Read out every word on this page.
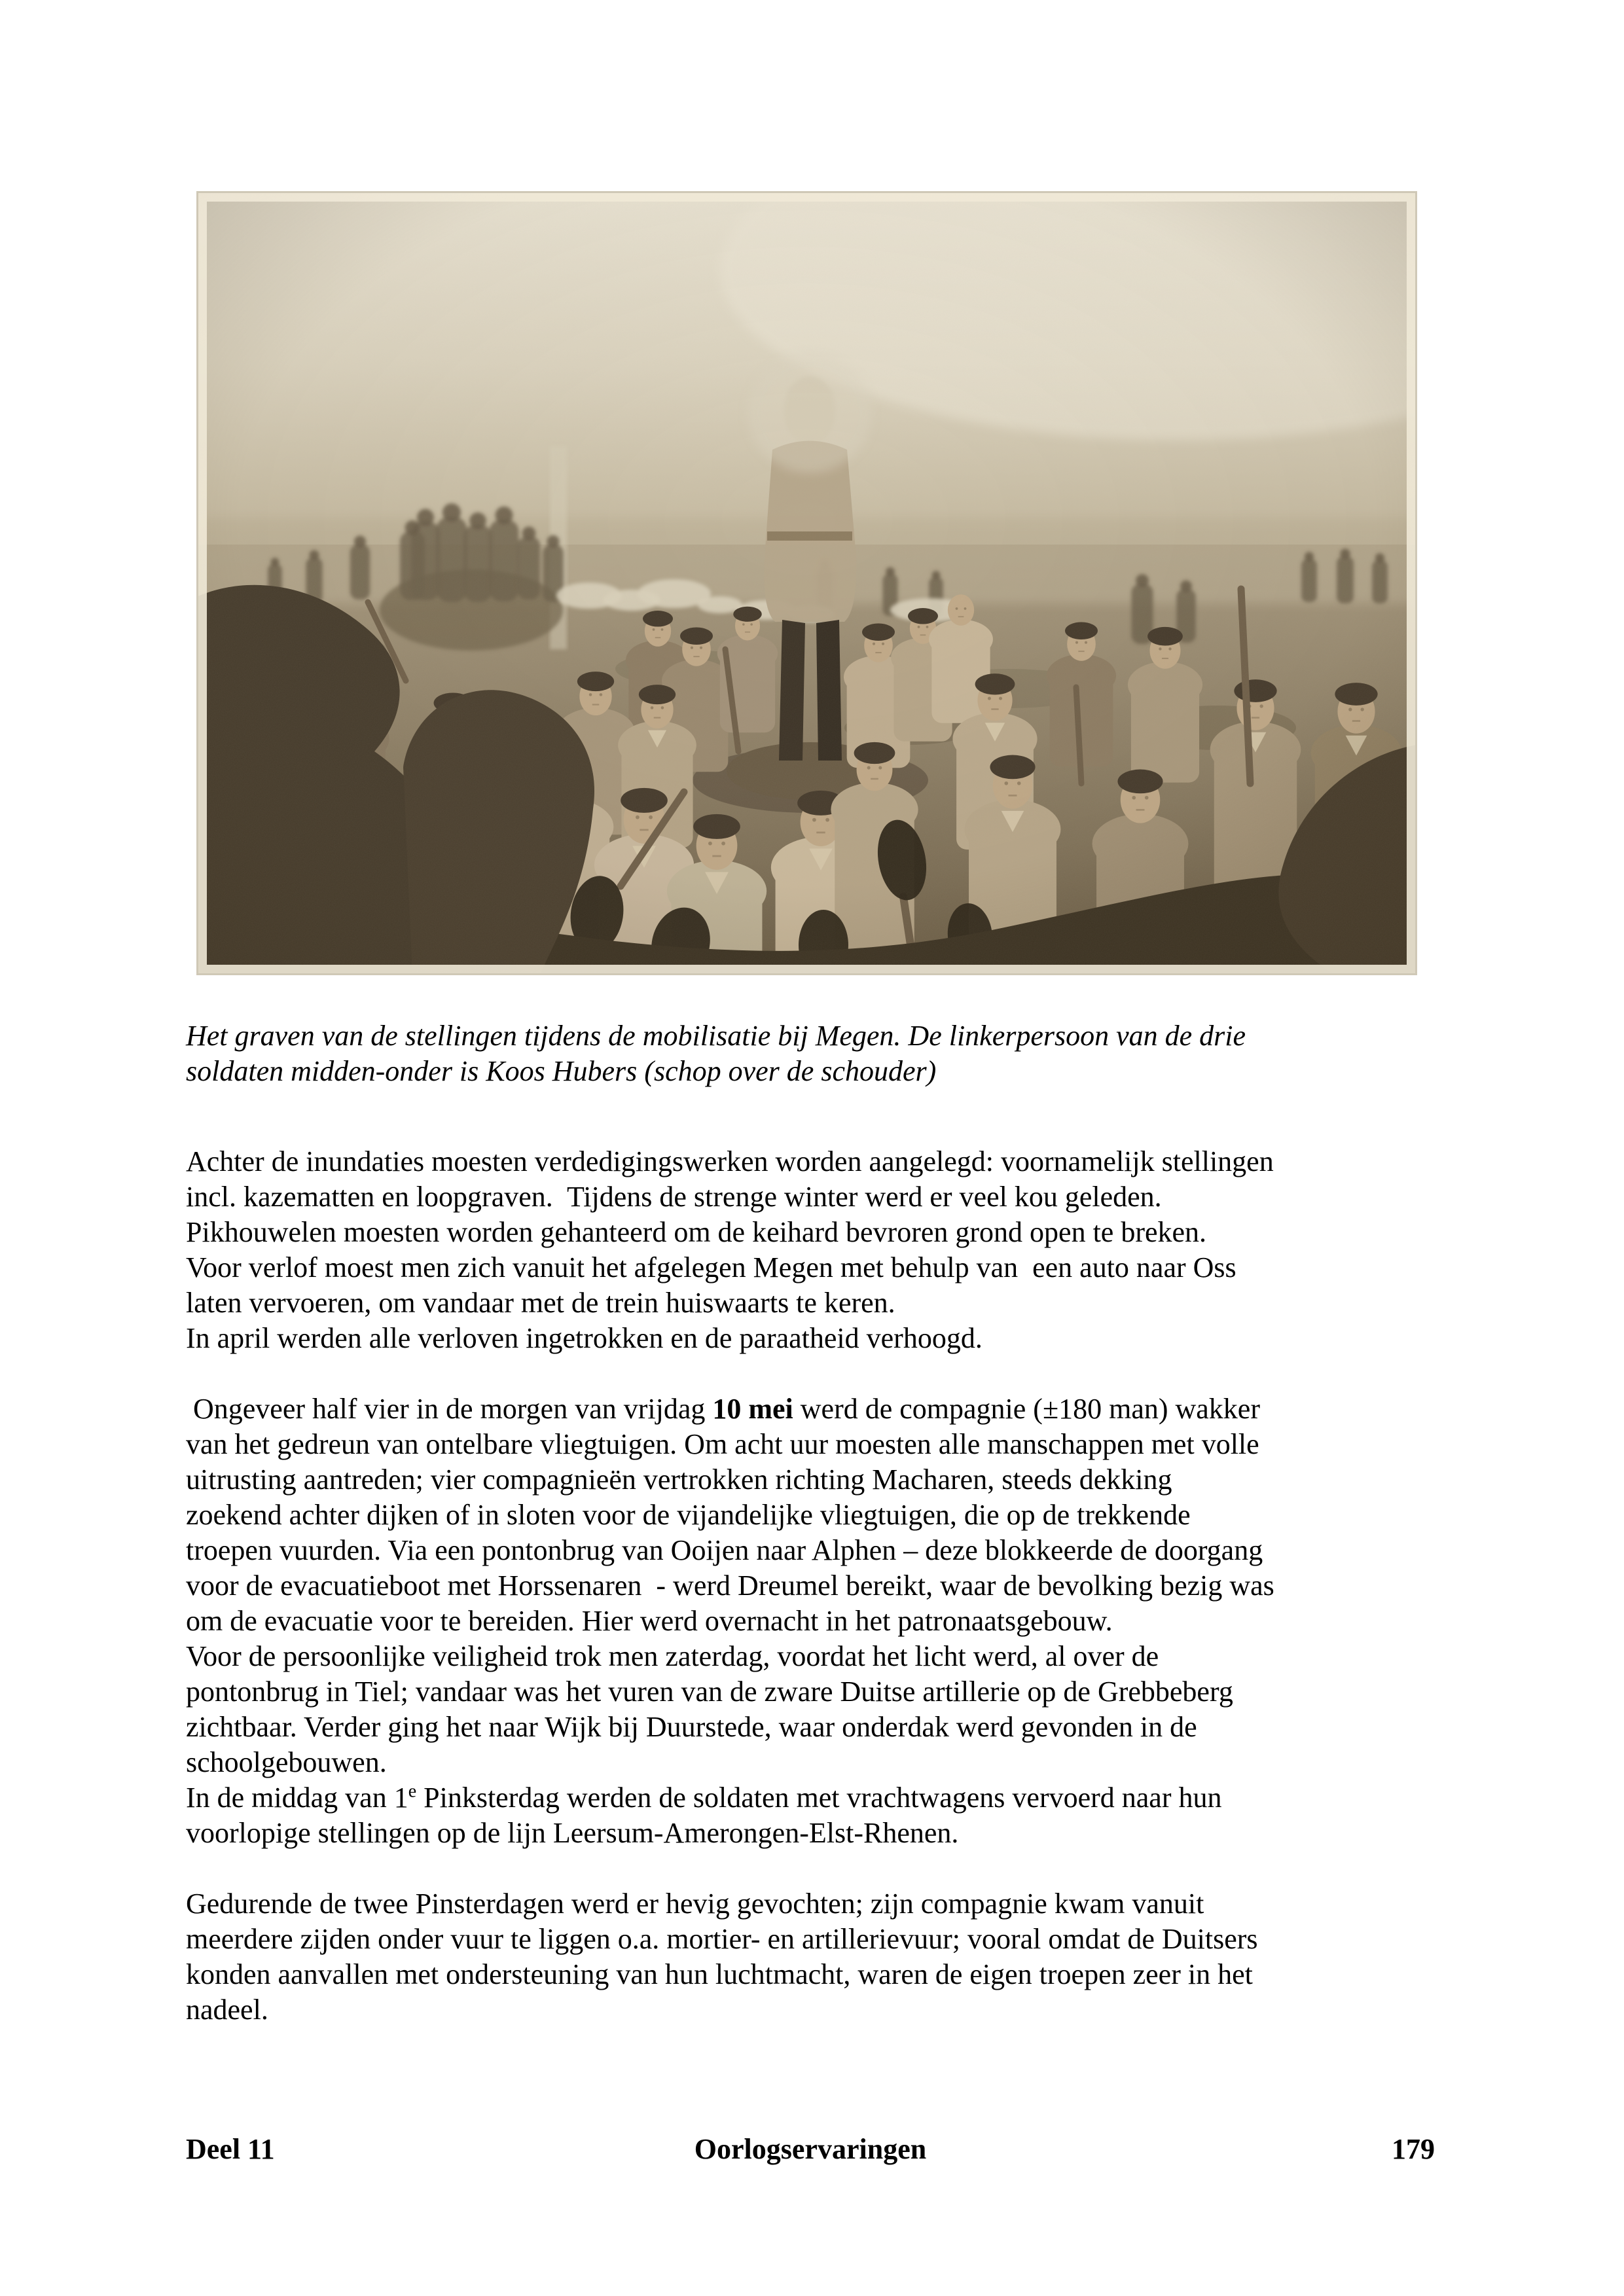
Het graven van de stellingen tijdens de mobilisatie bij Megen. De linkerpersoon van de drie
soldaten midden-onder is Koos Hubers (schop over de schouder)
Achter de inundaties moesten verdedigingswerken worden aangelegd: voornamelijk stellingen
incl. kazematten en loopgraven.  Tijdens de strenge winter werd er veel kou geleden.
Pikhouwelen moesten worden gehanteerd om de keihard bevroren grond open te breken.
Voor verlof moest men zich vanuit het afgelegen Megen met behulp van  een auto naar Oss
laten vervoeren, om vandaar met de trein huiswaarts te keren.
In april werden alle verloven ingetrokken en de paraatheid verhoogd.
Ongeveer half vier in de morgen van vrijdag 10 mei werd de compagnie (±180 man) wakker
van het gedreun van ontelbare vliegtuigen. Om acht uur moesten alle manschappen met volle
uitrusting aantreden; vier compagnieën vertrokken richting Macharen, steeds dekking
zoekend achter dijken of in sloten voor de vijandelijke vliegtuigen, die op de trekkende
troepen vuurden. Via een pontonbrug van Ooijen naar Alphen – deze blokkeerde de doorgang
voor de evacuatieboot met Horssenaren  - werd Dreumel bereikt, waar de bevolking bezig was
om de evacuatie voor te bereiden. Hier werd overnacht in het patronaatsgebouw.
Voor de persoonlijke veiligheid trok men zaterdag, voordat het licht werd, al over de
pontonbrug in Tiel; vandaar was het vuren van de zware Duitse artillerie op de Grebbeberg
zichtbaar. Verder ging het naar Wijk bij Duurstede, waar onderdak werd gevonden in de
schoolgebouwen.
In de middag van 1e Pinksterdag werden de soldaten met vrachtwagens vervoerd naar hun
voorlopige stellingen op de lijn Leersum-Amerongen-Elst-Rhenen.
Gedurende de twee Pinsterdagen werd er hevig gevochten; zijn compagnie kwam vanuit
meerdere zijden onder vuur te liggen o.a. mortier- en artillerievuur; vooral omdat de Duitsers
konden aanvallen met ondersteuning van hun luchtmacht, waren de eigen troepen zeer in het
nadeel.
Deel 11	Oorlogservaringen	179
